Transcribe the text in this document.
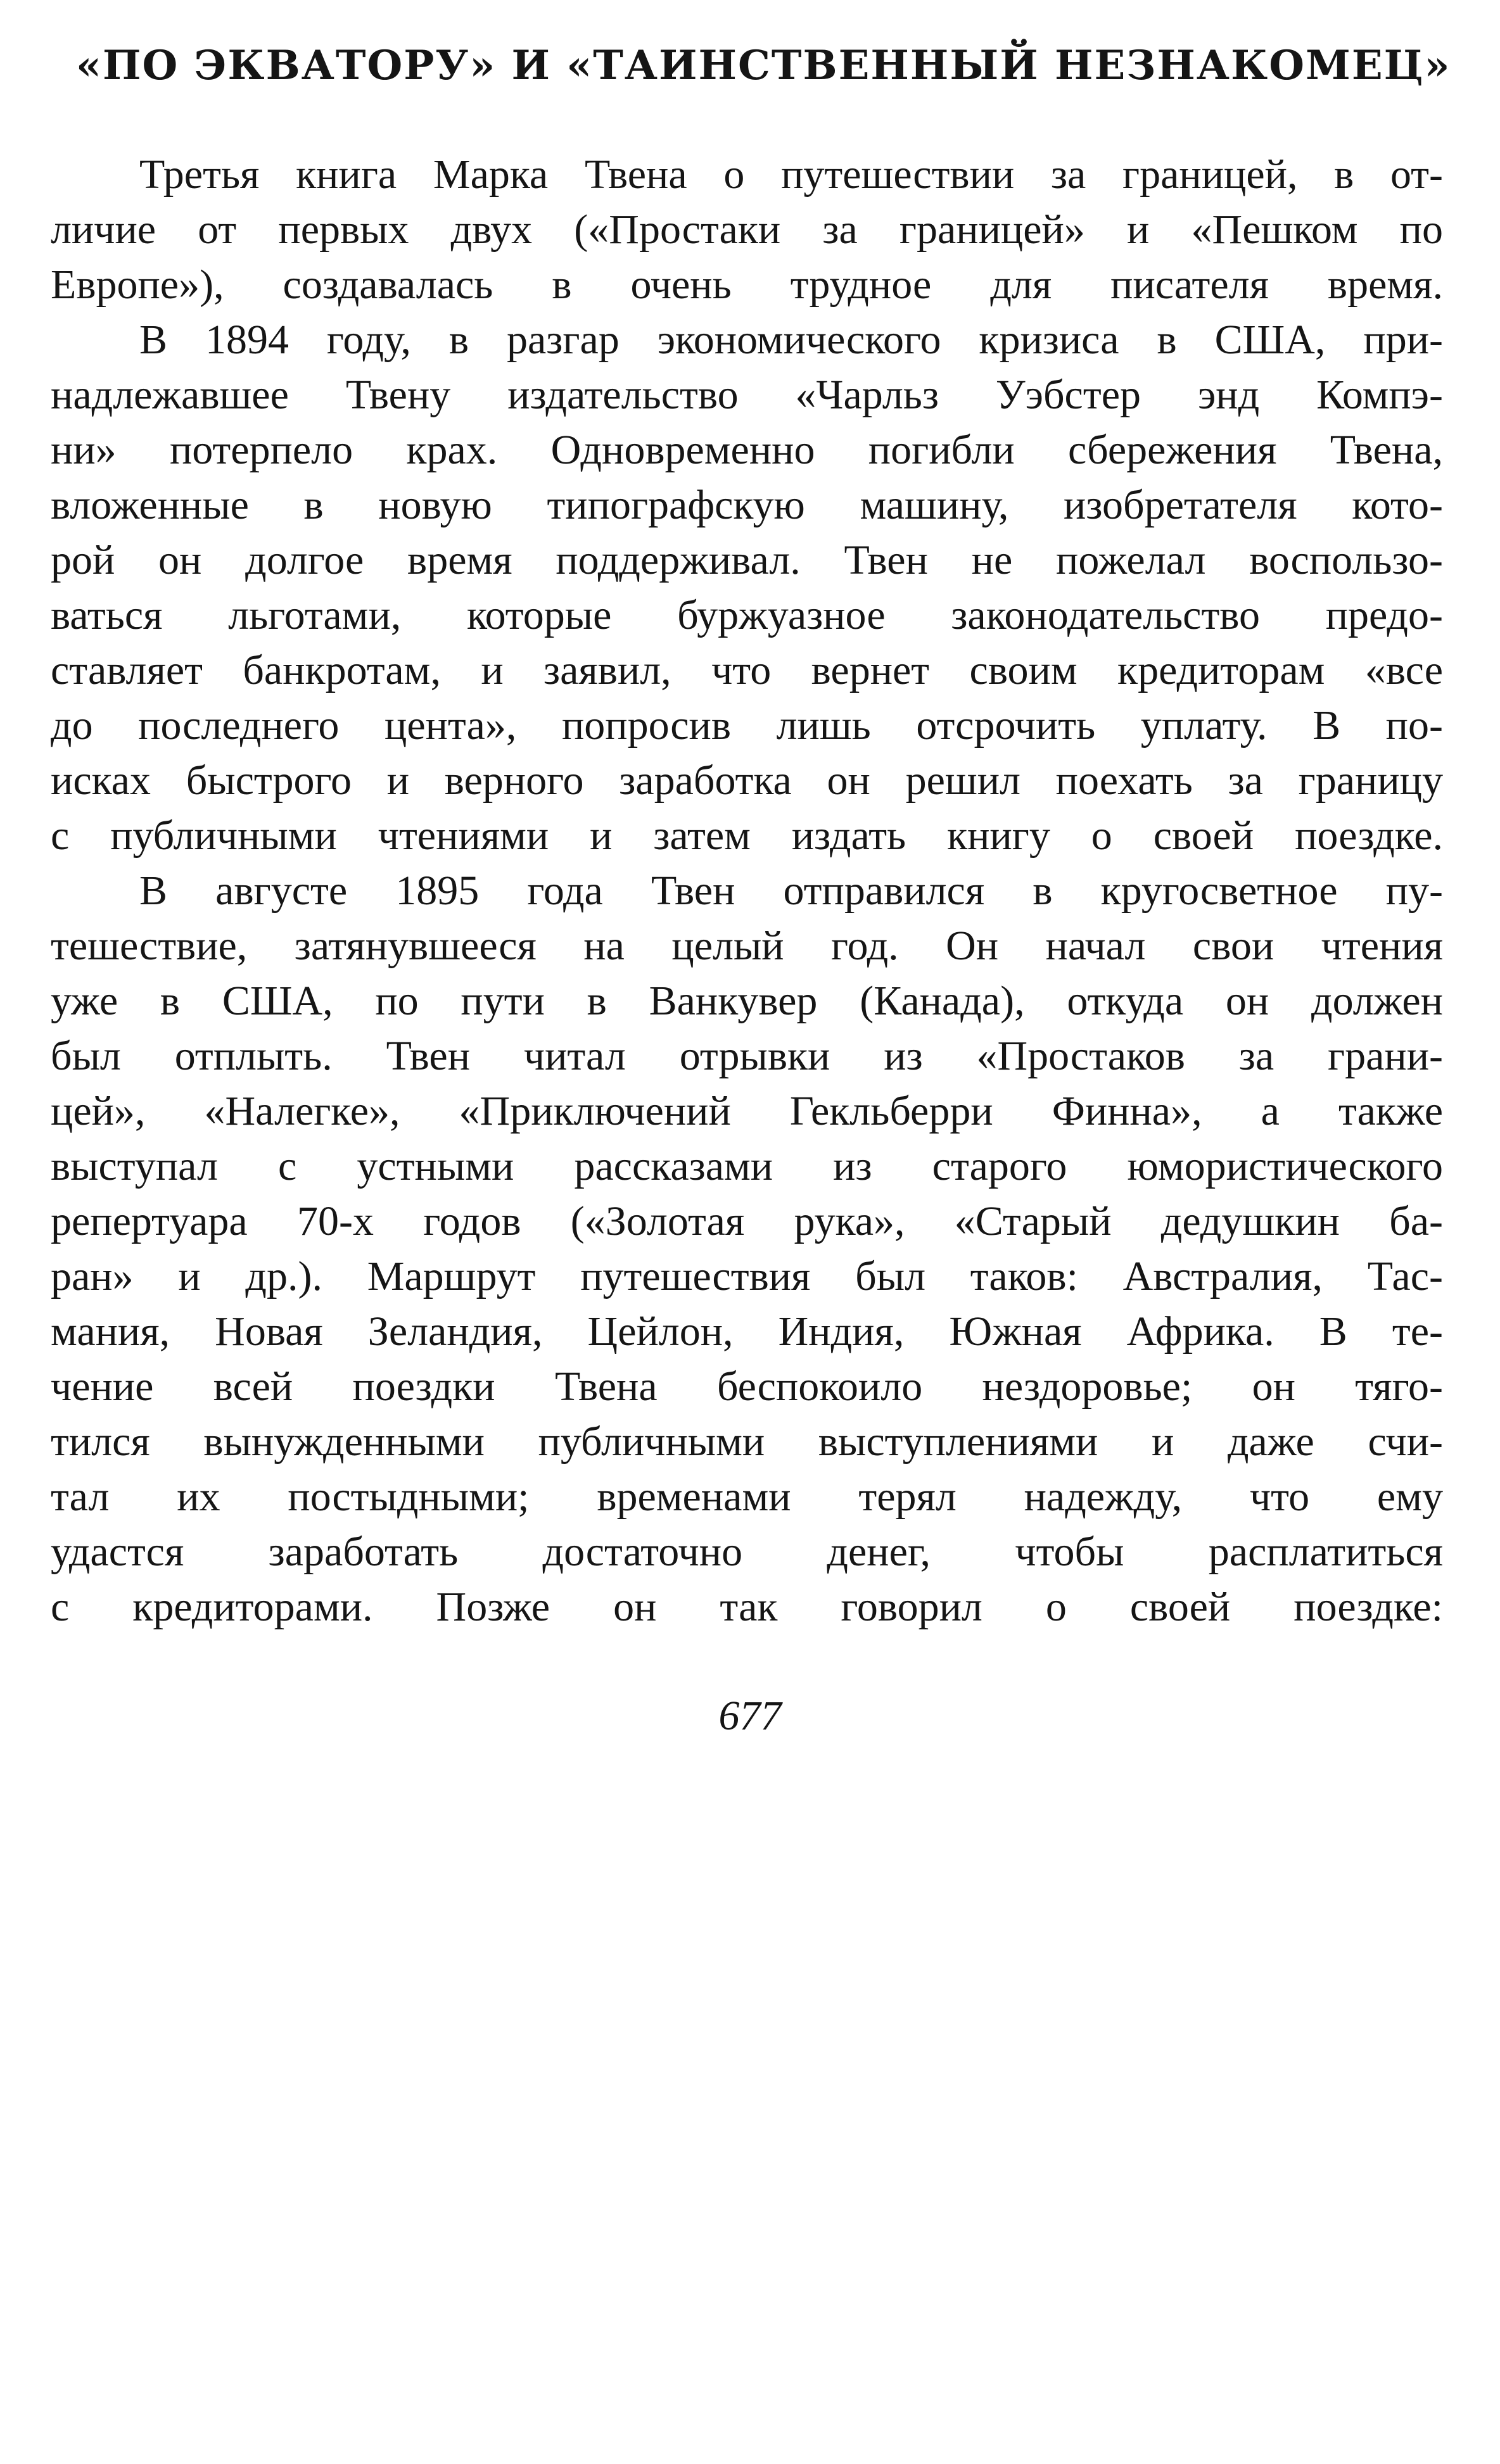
«ПО ЭКВАТОРУ» И «ТАИНСТВЕННЫЙ НЕЗНАКОМЕЦ»
Третья книга Марка Твена о путешествии за границей, в от-
личие от первых двух («Простаки за границей» и «Пешком по
Европе»), создавалась в очень трудное для писателя время.
В 1894 году, в разгар экономического кризиса в США, при-
надлежавшее Твену издательство «Чарльз Уэбстер энд Компэ-
ни» потерпело крах. Одновременно погибли сбережения Твена,
вложенные в новую типографскую машину, изобретателя кото-
рой он долгое время поддерживал. Твен не пожелал воспользо-
ваться льготами, которые буржуазное законодательство предо-
ставляет банкротам, и заявил, что вернет своим кредиторам «все
до последнего цента», попросив лишь отсрочить уплату. В по-
исках быстрого и верного заработка он решил поехать за границу
с публичными чтениями и затем издать книгу о своей поездке.
В августе 1895 года Твен отправился в кругосветное пу-
тешествие, затянувшееся на целый год. Он начал свои чтения
уже в США, по пути в Ванкувер (Канада), откуда он должен
был отплыть. Твен читал отрывки из «Простаков за грани-
цей», «Налегке», «Приключений Гекльберри Финна», а также
выступал с устными рассказами из старого юмористического
репертуара 70-х годов («Золотая рука», «Старый дедушкин ба-
ран» и др.). Маршрут путешествия был таков: Австралия, Тас-
мания, Новая Зеландия, Цейлон, Индия, Южная Африка. В те-
чение всей поездки Твена беспокоило нездоровье; он тяго-
тился вынужденными публичными выступлениями и даже счи-
тал их постыдными; временами терял надежду, что ему
удастся заработать достаточно денег, чтобы расплатиться
с кредиторами. Позже он так говорил о своей поездке:

677
